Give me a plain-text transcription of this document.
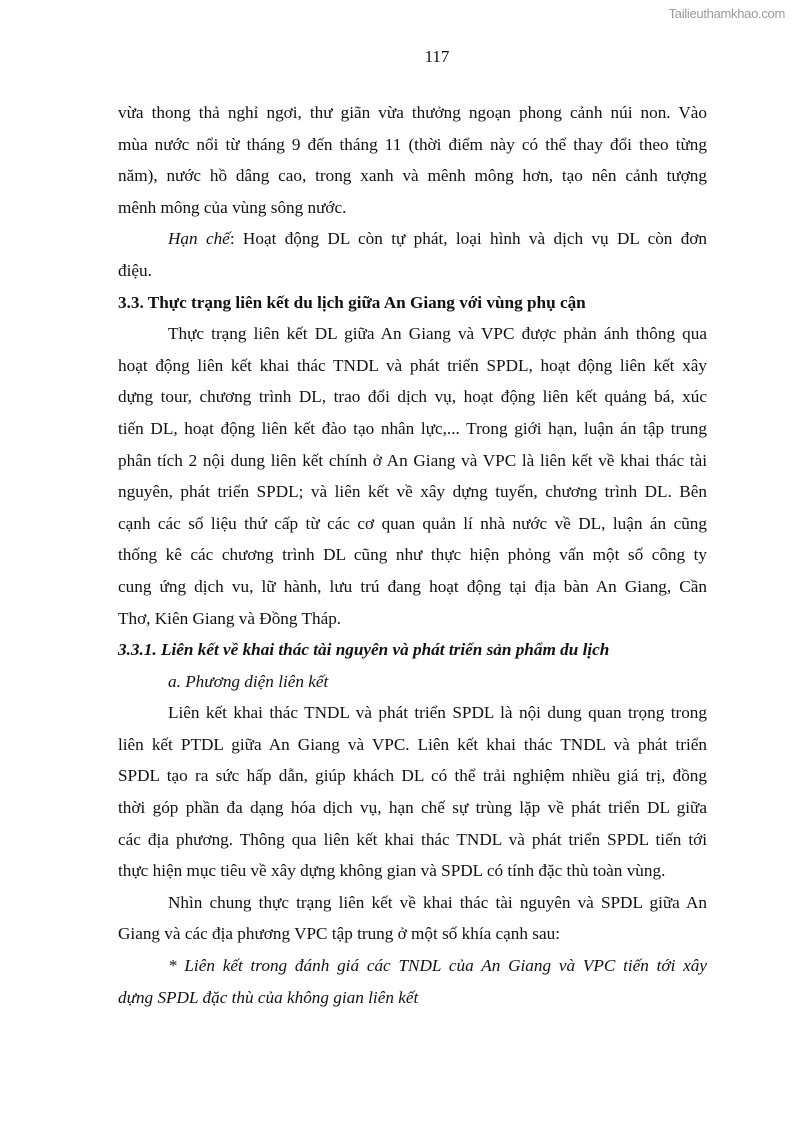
Tailieuthamkhao.com
117
vừa thong thả nghỉ ngơi, thư giãn vừa thưởng ngoạn phong cảnh núi non. Vào
mùa nước nổi từ tháng 9 đến tháng 11 (thời điểm này có thể thay đổi theo từng
năm), nước hồ dâng cao, trong xanh và mênh mông hơn, tạo nên cảnh tượng
mênh mông của vùng sông nước.
Hạn chế: Hoạt động DL còn tự phát, loại hình và dịch vụ DL còn đơn
điệu.
3.3. Thực trạng liên kết du lịch giữa An Giang với vùng phụ cận
Thực trạng liên kết DL giữa An Giang và VPC được phản ánh thông qua
hoạt động liên kết khai thác TNDL và phát triển SPDL, hoạt động liên kết xây
dựng tour, chương trình DL, trao đổi dịch vụ, hoạt động liên kết quảng bá, xúc
tiến DL, hoạt động liên kết đào tạo nhân lực,... Trong giới hạn, luận án tập trung
phân tích 2 nội dung liên kết chính ở An Giang và VPC là liên kết về khai thác tài
nguyên, phát triển SPDL; và liên kết về xây dựng tuyến, chương trình DL. Bên
cạnh các số liệu thứ cấp từ các cơ quan quản lí nhà nước về DL, luận án cũng
thống kê các chương trình DL cũng như thực hiện phỏng vấn một số công ty
cung ứng dịch vu, lữ hành, lưu trú đang hoạt động tại địa bàn An Giang, Cần
Thơ, Kiên Giang và Đồng Tháp.
3.3.1. Liên kết về khai thác tài nguyên và phát triển sản phẩm du lịch
a. Phương diện liên kết
Liên kết khai thác TNDL và phát triển SPDL là nội dung quan trọng trong
liên kết PTDL giữa An Giang và VPC. Liên kết khai thác TNDL và phát triển
SPDL tạo ra sức hấp dẫn, giúp khách DL có thể trải nghiệm nhiều giá trị, đồng
thời góp phần đa dạng hóa dịch vụ, hạn chế sự trùng lặp về phát triển DL giữa
các địa phương. Thông qua liên kết khai thác TNDL và phát triển SPDL tiến tới
thực hiện mục tiêu về xây dựng không gian và SPDL có tính đặc thù toàn vùng.
Nhìn chung thực trạng liên kết về khai thác tài nguyên và SPDL giữa An
Giang và các địa phương VPC tập trung ở một số khía cạnh sau:
* Liên kết trong đánh giá các TNDL của An Giang và VPC tiến tới xây
dựng SPDL đặc thù của không gian liên kết
